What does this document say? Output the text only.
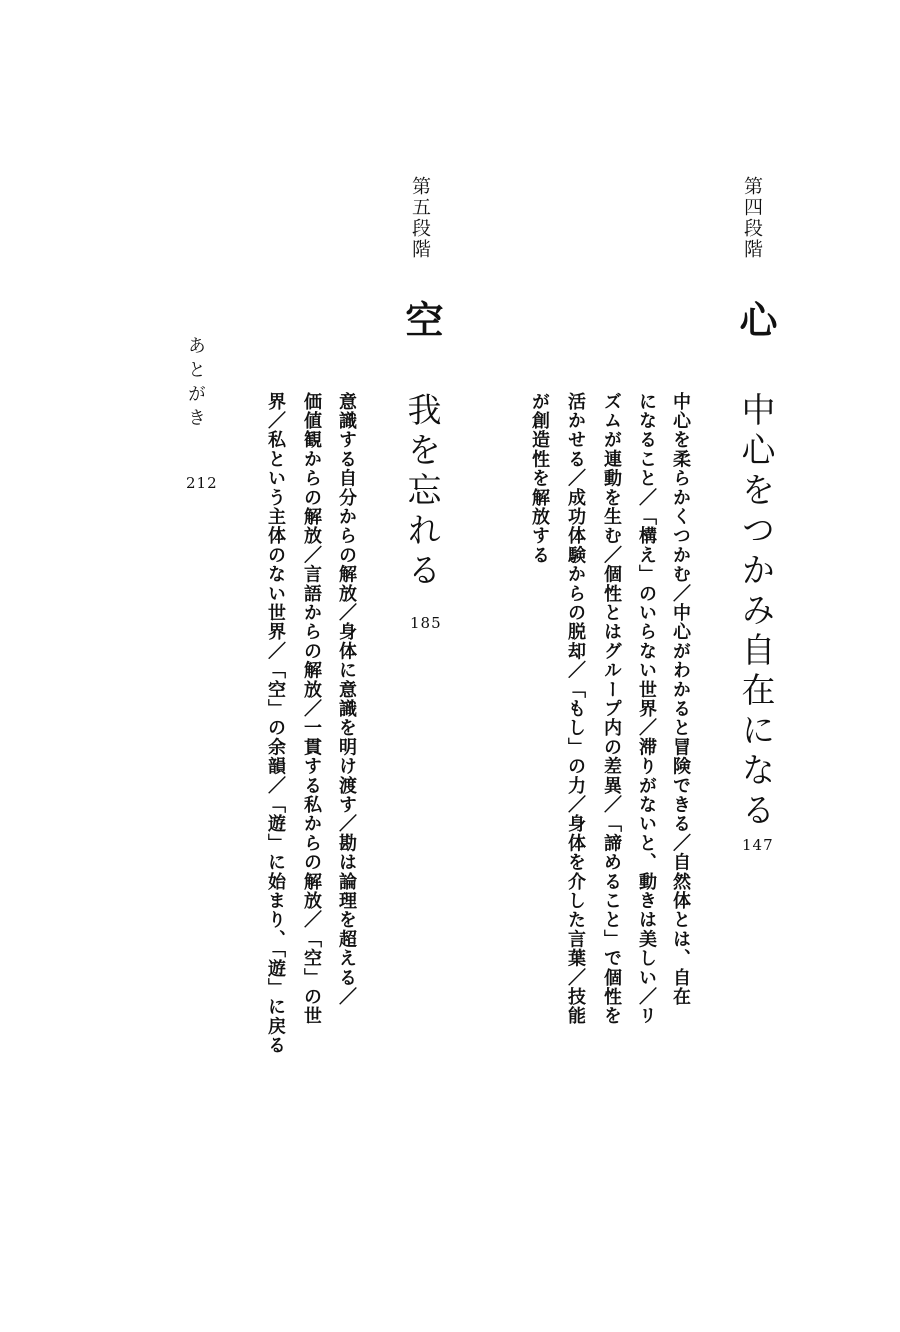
第四段階
心
中心をつかみ自在になる
147
中心を柔らかくつかむ／中心がわかると冒険できる／自然体とは、自在
になること／「構え」のいらない世界／滞りがないと、動きは美しい／リ
ズムが連動を生む／個性とはグループ内の差異／「諦めること」で個性を
活かせる／成功体験からの脱却／「もし」の力／身体を介した言葉／技能
が創造性を解放する
第五段階
空
我を忘れる
185
意識する自分からの解放／身体に意識を明け渡す／勘は論理を超える／
価値観からの解放／言語からの解放／一貫する私からの解放／「空」の世
界／私という主体のない世界／「空」の余韻／「遊」に始まり、「遊」に戻る
あとがき
212
